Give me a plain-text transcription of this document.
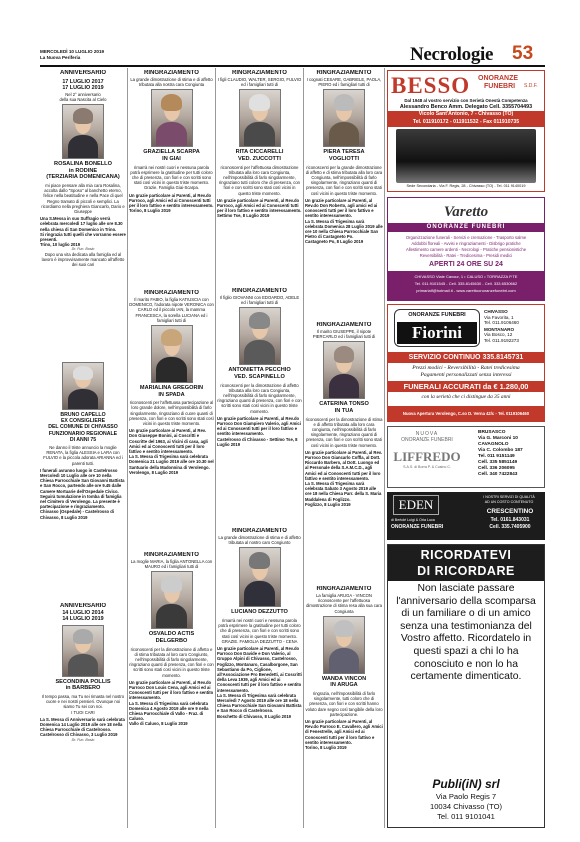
MERCOLEDÌ 10 LUGLIO 2019
La Nuova Periferia	Necrologie 53
ANNIVERSARIO
17 LUGLIO 2017
17 LUGLIO 2019
Nel 2° anniversario
della sua Nascita al Cielo
ROSALINA BONELLO
in RODINE
(TERZIARIA DOMENICANA)
mi piace pensare alla mia cara Rosalina, accolta dallo "Sposo" al banchetto eterno, felice nella beatitudine e nella Pace di quel Regno tramato di piccoli e semplici. La ricordiamo nella preghiera Giancarlo, Dario e Giuseppe
Una S.Messa in suo Suffragio verrà celebrata mercoledì 17 luglio alle ore 8.30 nella chiesa di San Domenico in Trino.
Si ringrazia tutti quelli che vorranno essere presenti.
Trino, 10 luglio 2019
Dr. Fun. Bosio
Dopo una vita dedicata alla famiglia ed al lavoro è improvvisamente mancato all'affetto dei suoi cari
BRUNO CAPELLO
EX CONSIGLIERE
DEL COMUNE DI CHIVASSO
FUNZIONARIO REGIONALE
DI ANNI 75
Ne danno il triste annuncio la moglie RENATA, la figlia ALESSIA e LARA con FULVIO e la piccola adorata ARIANNA ed i parenti tutti.
I funerali avranno luogo in Castelrosso Mercoledì 10 Luglio alle ore 10 nella Chiesa Parrocchiale San Giovanni Battista e San Rocco, partendo alle ore 9.45 dalle Camere Mortuarie dell'Ospedale Civico. Seguirà tumulazione in tomba di famiglia nel Cimitero di Verolengo. La presente è partecipazione e ringraziamento.
Chivasso (Ospedale) - Castelrosso di Chivasso, 8 Luglio 2019
ANNIVERSARIO
14 LUGLIO 2014
14 LUGLIO 2019
SECONDINA POLLIS
in BARBERO
Il tempo passa, ma Tu sei rimasta nel nostro cuore e nei nostri pensieri. Ovunque noi siamo Tu sei con noi.
I TUOI CARI
La S. Messa di Anniversario sarà celebrata Domenica 14 Luglio 2019 alle ore 18 nella Chiesa Parrocchiale di Castelrosso.
Castelrosso di Chivasso, 3 Luglio 2019
Dr. Fun. Bosio
RINGRAZIAMENTO
La grande dimostrazione di stima e di affetto tributata alla nostra cara Congiunta
GRAZIELLA SCARPA
IN GIAI
rimarrà nei nostri cuori e nessuna parola potrà esprimere la gratitudine per tutti coloro che di presenza, con fiori e con scritti sono stati così vicini in questo triste momento. Grazie. Famiglia Giai-Scarpa.
Un grazie particolare ai Parenti, al Rev.do Parroco, agli Amici ed ai Conoscenti tutti per il loro fattivo e sentito interessamento.
Torino, 8 Luglio 2019
RINGRAZIAMENTO
Il marito FABIO, la figlia KATIUSCIA con DOMENICO, l'adorata nipote VERONICA con CARLO ed il piccolo IAN, la mamma FRANCESCA, la sorella LUCIANA ed i famigliari tutti di
MARIALINA GREGORIN
IN SPADA
riconoscenti per l'affettuosa partecipazione al loro grande dolore, nell'impossibilità di farlo singolarmente, ringraziano di cuore quanti di presenza, con fiori e con scritti sono stati così vicini in questo triste momento.
Un grazie particolare ai Parenti, al Rev. Don Giuseppe Bonini, ai Coscritti e Coscritte del 1963, ai Vicini di casa, agli Amici ed ai Conoscenti tutti per il loro fattivo e sentito interessamento.
La S. Messa di Trigesima sarà celebrata Domenica 21 Luglio 2019 alle ore 10.30 nel Santuario della Madonnina di Verolengo.
Verolengo, 8 Luglio 2019
RINGRAZIAMENTO
La moglie MARIA, la figlia ANTONELLA con MAURO ed i famigliari tutti di
OSVALDO ACTIS
DELGERBO
riconoscenti per la dimostrazione di affetto e di stima tributata al loro caro Congiunto, nell'impossibilità di farlo singolarmente, ringraziano quanti di presenza, con fiori e con scritti sono stati così vicini in questo triste momento.
Un grazie particolare ai Parenti, al Rev.do Parroco Don Louis Cena, agli Amici ed ai Conoscenti tutti per il loro fattivo e sentito interessamento.
La S. Messa di Trigesima sarà celebrata Domenica 4 Agosto 2019 alle ore 9 nella Chiesa Parrocchiale di Vallo - Fraz. di Caluso.
Vallo di Caluso, 8 Luglio 2019
RINGRAZIAMENTO
I figli CLAUDIO, WALTER, SERGIO, FULVIO ed i famigliari tutti di
RITA CICCARELLI
VED. ZUCCOTTI
riconoscenti per l'affettuosa dimostrazione tributata alla loro cara Congiunta, nell'impossibilità di farlo singolarmente, ringraziano tutti coloro che di presenza, con fiori e con scritti sono stati così vicini in questo triste momento.
Un grazie particolare ai Parenti, al Rev.do Parroco, agli Amici ed ai Conoscenti tutti per il loro fattivo e sentito interessamento.
Settimo Tse, 8 Luglio 2019
RINGRAZIAMENTO
Il figlio GIOVANNI con EDOARDO, ADELE ed i famigliari tutti di
ANTONIETTA PECCHIO
VED. SCAPINELLO
riconoscenti per la dimostrazione di affetto tributata alla loro cara Congiunta, nell'impossibilità di farlo singolarmente, ringraziano quanti di presenza, con fiori e con scritti sono stati così vicini in questo triste momento.
Un grazie particolare ai Parenti, al Rev.do Parroco Don Giampiero Valerio, agli Amici ed ai Conoscenti tutti per il loro fattivo e sentito interessamento.
Castelrosso di Chivasso - Settimo Tse, 8 Luglio 2019
RINGRAZIAMENTO
La grande dimostrazione di stima e di affetto tributata al nostro caro Congiunto
LUCIANO DEZZUTTO
rimarrà nei nostri cuori e nessuna parola potrà esprimere la gratitudine per tutti coloro che di presenza, con fiori e con scritti sono stati così vicini in questo triste momento. GRAZIE. FAMIGLIA DEZZUTTO - CENA
Un grazie particolare ai Parenti, al Rev.do Parroco Don Davide e Don Valerio, al Gruppo Alpini di Chivasso, Castelrosso, Foglizzo, Montanaro, Casalborgone, San Sebastiano da Po, Ciglione, all'Associazione Pro Benedetti, ai Coscritti della Leva 1939, agli Amici ed ai Conoscenti tutti per il loro fattivo e sentito interessamento.
La S. Messa di Trigesima sarà celebrata Mercoledì 7 Agosto 2019 alle ore 18 nella Chiesa Parrocchiale San Giovanni Battista e San Rocco di Castelrosso.
Boschetto di Chivasso, 8 Luglio 2019
RINGRAZIAMENTO
I cognati CESARE, GABRIELE, PAOLA, PIERO ed i famigliari tutti di
PIERA TERESA
VOGLIOTTI
riconoscenti per la grande dimostrazione di affetto e di stima tributata alla loro cara Congiunta, nell'impossibilità di farlo singolarmente, ringraziano quanti di presenza, con fiori e con scritti sono stati così vicini in questo triste momento.
Un grazie particolare ai Parenti, al Rev.do Don Roberto, agli amici ed ai conoscenti tutti per il loro fattivo e sentito interessamento.
La S. Messa di Trigesima sarà celebrata Domenica 28 Luglio 2019 alle ore 10 nella Chiesa Parrocchiale San Pietro di Castagneto Po.
Castagneto Po, 8 Luglio 2019
RINGRAZIAMENTO
Il marito GIUSEPPE, il nipote PIERCARLO ed i famigliari tutti di
CATERINA TONSO
IN TUA
riconoscenti per la dimostrazione di stima e di affetto tributata alla loro cara congiunta, nell'impossibilità di farlo singolarmente, ringraziano quanti di presenza, con fiori e con scritti sono stati così vicini in questo triste momento.
Un grazie particolare ai Parenti, al Rev. Parroco Don Giancarlo Coffla, al Dott. Riccardo Barbero, al Dott. Luongo ed al Personale della S.A.M.C.D., agli Amici ed ai Conoscenti tutti per il loro fattivo e sentito interessamento.
La S. Messa di Trigesima sarà celebrata Sabato 3 Agosto 2019 alle ore 18 nella Chiesa Parr. della S. Maria Maddalena di Foglizzo.
Foglizzo, 8 Luglio 2019
RINGRAZIAMENTO
La famiglia ARUGA - VINCON riconoscente per l'affettuosa dimostrazione di stima resa alla sua cara Congiunta
WANDA VINCON
IN ARUGA
ringrazia, nell'impossibilità di farlo singolarmente, tutti coloro che di presenza, con fiori e con scritti hanno voluto dare segno così tangibile della loro partecipazione.
Un grazie particolare ai Parenti, al Rev.do Parroco E. Cavallero, agli Amici di Fenestrelle, agli Amici ed ai Conoscenti tutti per il loro fattivo e sentito interessamento.
Torino, 8 Luglio 2019
BESSO ONORANZE
FUNEBRI S.D.F.
Dal 1948 al vostro servizio con Serietà Onestà Competenza
Alessandro Benco Amm. Delegato Cell. 3355704493
Vicolo Sant'Antonio, 7 - Chivasso (TO)
Tel. 011910172 - 011911532 - Fax 011910735
Sede Secondaria - Via F. Regis, 28 - Chivasso (TO) - Tel. 011 9140019
Varetto
ONORANZE FUNEBRI
Organizzazione funerali - Servizi e cremazione - Trasporto salme
Addobbi floreali - Avvisi e ringraziamenti - Disbrigo pratiche
Allestimento camere ardenti - Necrologi - Pratiche pensionistiche
Reversibilità - Ratei - Tredicesima - Presidi medici
APERTI 24 ORE SU 24
CHIVASSO Viale Cavour, 1 • CALUSO • TORRAZZA P.TE
Tel. 011.9101545 - Cell. 335.8145630 - Cell. 333.6530662
primarialf@hotmail.it - www.varettoonoranzefunebri.com
ONORANZE FUNEBRI
Fiorini
CHIVASSO
Via Favorita, 1
Tel. 011.9106460
MONTANARO
Via Bosco, 12
Tel. 011.9192273
SERVIZIO CONTINUO 335.8145731
Prezzi modici - Reversibilità - Ratei tredicesima
Pagamenti personalizzati senza interessi
FUNERALI ACCURATI da € 1.280,00
con la serietà che ci distingue da 35 anni
Nuova Apertura Verolengo, C.so D. Verna 42/c - Tel. 0119106460
NUOVA
ONORANZE FUNEBRI
LIFFREDO
S.A.S. di Borra P. & Cusino C.
BRUSASCO
Via G. Marconi 10
CAVAGNOLO
Via C. Colombo 187
Tel. 011 9151149
Cell. 335 5851149
Cell. 336 206095
Cell. 340 7422843
EDEN
di Bertolé Luigi & Oria Luca
ONORANZE FUNEBRI
I NOSTRI SERVIZI DI QUALITÀ
AD UN COSTO CONTENUTO
CRESCENTINO
Tel. 0161.843031
Cell. 335.7405900
RICORDATEVI
DI RICORDARE
Non lasciate passare l'anniversario della scomparsa di un familiare o di un amico senza una testimonianza del Vostro affetto. Ricordatelo in questi spazi a chi lo ha conosciuto e non lo ha certamente dimenticato.
Publi(iN) srl
Via Paolo Regis 7
10034 Chivasso (TO)
Tel. 011 9101041
